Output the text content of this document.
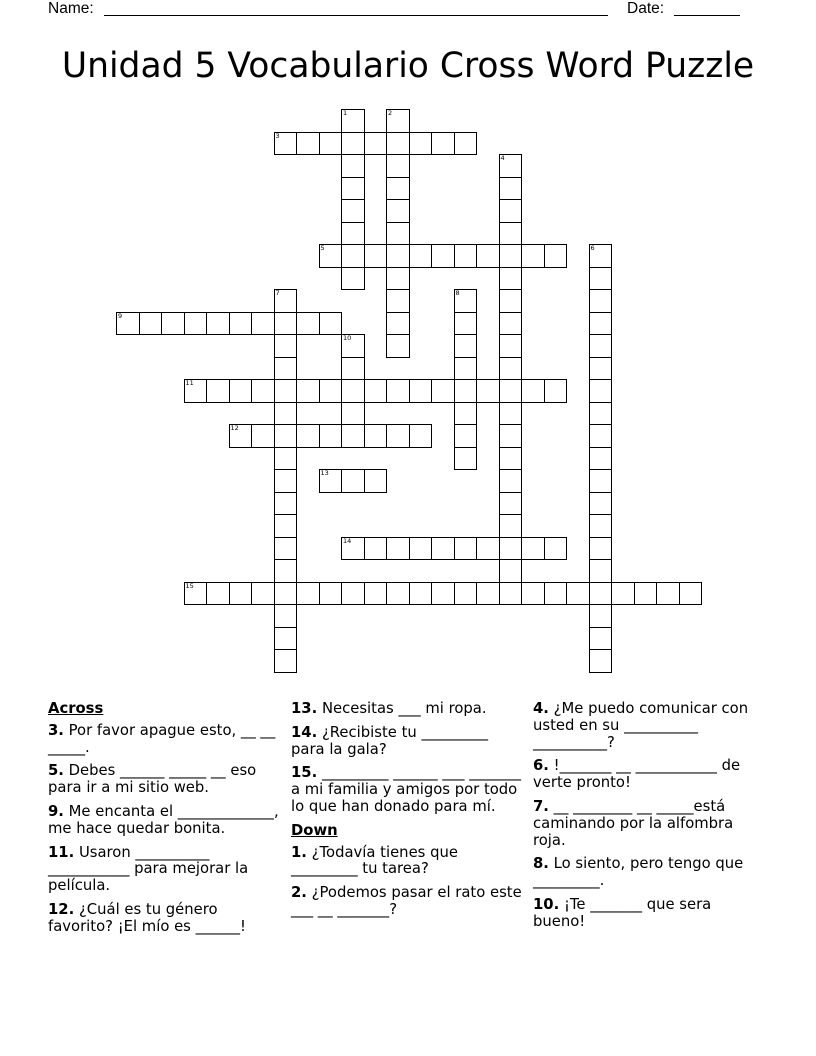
Name:	Date:
Unidad 5 Vocabulario Cross Word Puzzle
3
1	2
4
5	6
7	8
9
10
11
12
13
14
15
Across
3. Por favor apague esto, __ __ _____.
5. Debes ______ _____ __ eso para ir a mi sitio web.
9. Me encanta el _____________, me hace quedar bonita.
11. Usaron __________ ___________ para mejorar la película.
12. ¿Cuál es tu género favorito? ¡El mío es ______!
13. Necesitas ___ mi ropa.
14. ¿Recibiste tu _________ para la gala?
15. _________ ______ ___ _______ a mi familia y amigos por todo lo que han donado para mí.
Down
1. ¿Todavía tienes que _________ tu tarea?
2. ¿Podemos pasar el rato este ___ __ _______?
4. ¿Me puedo comunicar con usted en su __________ __________?
6. !_______ __ ___________ de verte pronto!
7. __ ________ __ _____está caminando por la alfombra roja.
8. Lo siento, pero tengo que _________.
10. ¡Te _______ que sera bueno!
